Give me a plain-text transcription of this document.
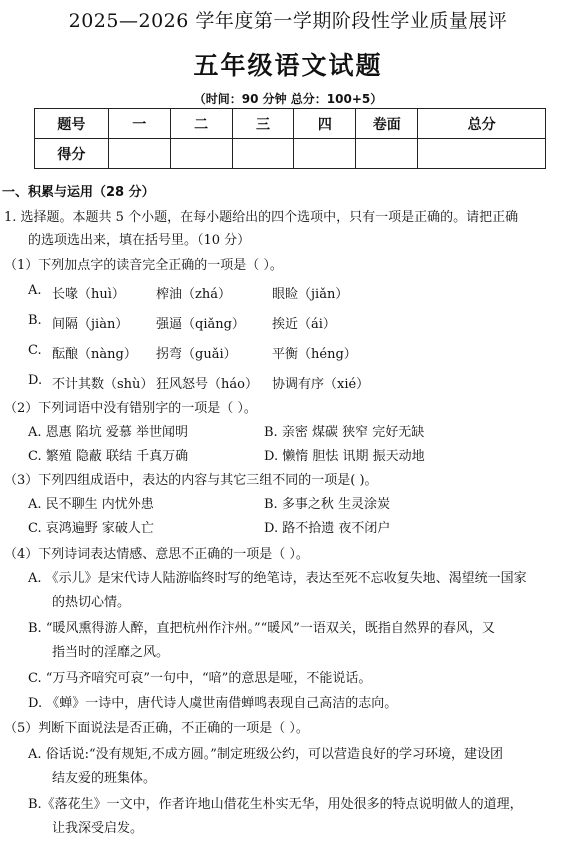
2025—2026 学年度第一学期阶段性学业质量展评
五年级语文试题
（时间：90 分钟 总分：100+5）
题号	一	二	三	四	卷面	总分
得分						
一、积累与运用（28 分）
1. 选择题。本题共 5 个小题，在每小题给出的四个选项中，只有一项是正确的。请把正确
的选项选出来，填在括号里。（10 分）
（1）下列加点字的读音完全正确的一项是（ ）。
A. 长喙（huì） 榨油（zhá）	眼睑（jiǎn）
B. 间隔（jiàn） 强逼（qiǎng） 挨近（ái）
C. 酝酿（nàng） 拐弯（guǎi）	平衡（héng）
D. 不计其数（shù） 狂风怒号（háo） 协调有序（xié）
（2）下列词语中没有错别字的一项是（ ）。
A. 恩惠 陷坑 爱慕 举世闻明	B. 亲密 煤碳 狭窄 完好无缺
C. 繁殖 隐蔽 联结 千真万确	D. 懒惰 胆怯 讯期 振天动地
（3）下列四组成语中，表达的内容与其它三组不同的一项是( )。
A. 民不聊生 内忧外患	B. 多事之秋 生灵涂炭
C. 哀鸿遍野 家破人亡	D. 路不拾遗 夜不闭户
（4）下列诗词表达情感、意思不正确的一项是（ ）。
A. 《示儿》是宋代诗人陆游临终时写的绝笔诗，表达至死不忘收复失地、渴望统一国家
的热切心情。
B. “暖风熏得游人醉，直把杭州作汴州。”“暖风”一语双关，既指自然界的春风，又
指当时的淫靡之风。
C. “万马齐喑究可哀”一句中，“喑”的意思是哑，不能说话。
D. 《蝉》一诗中，唐代诗人虞世南借蝉鸣表现自己高洁的志向。
（5）判断下面说法是否正确，不正确的一项是（ ）。
A. 俗话说:“没有规矩,不成方圆。”制定班级公约，可以营造良好的学习环境，建设团
结友爱的班集体。
B.《落花生》一文中，作者许地山借花生朴实无华，用处很多的特点说明做人的道理，
让我深受启发。
